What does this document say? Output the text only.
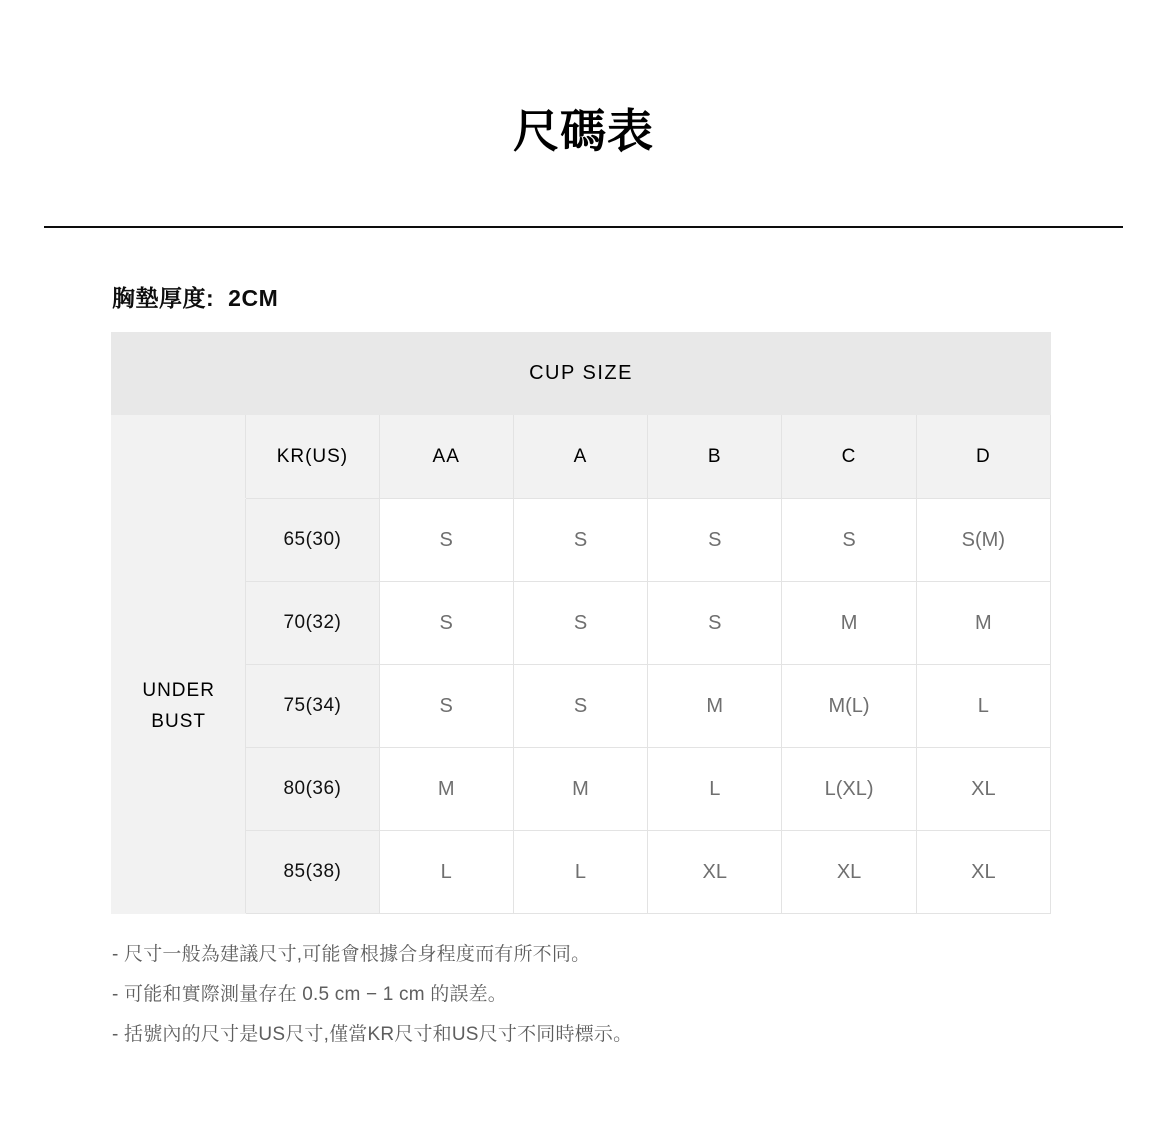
尺碼表
胸墊厚度: 2CM
CUP SIZE						
	KR(US)	AA	A	B	C	D
UNDER BUST	65(30)	S	S	S	S	S(M)
	70(32)	S	S	S	M	M
	75(34)	S	S	M	M(L)	L
	80(36)	M	M	L	L(XL)	XL
	85(38)	L	L	XL	XL	XL
- 尺寸一般為建議尺寸,可能會根據合身程度而有所不同。
- 可能和實際測量存在 0.5 cm − 1 cm 的誤差。
- 括號內的尺寸是US尺寸,僅當KR尺寸和US尺寸不同時標示。
